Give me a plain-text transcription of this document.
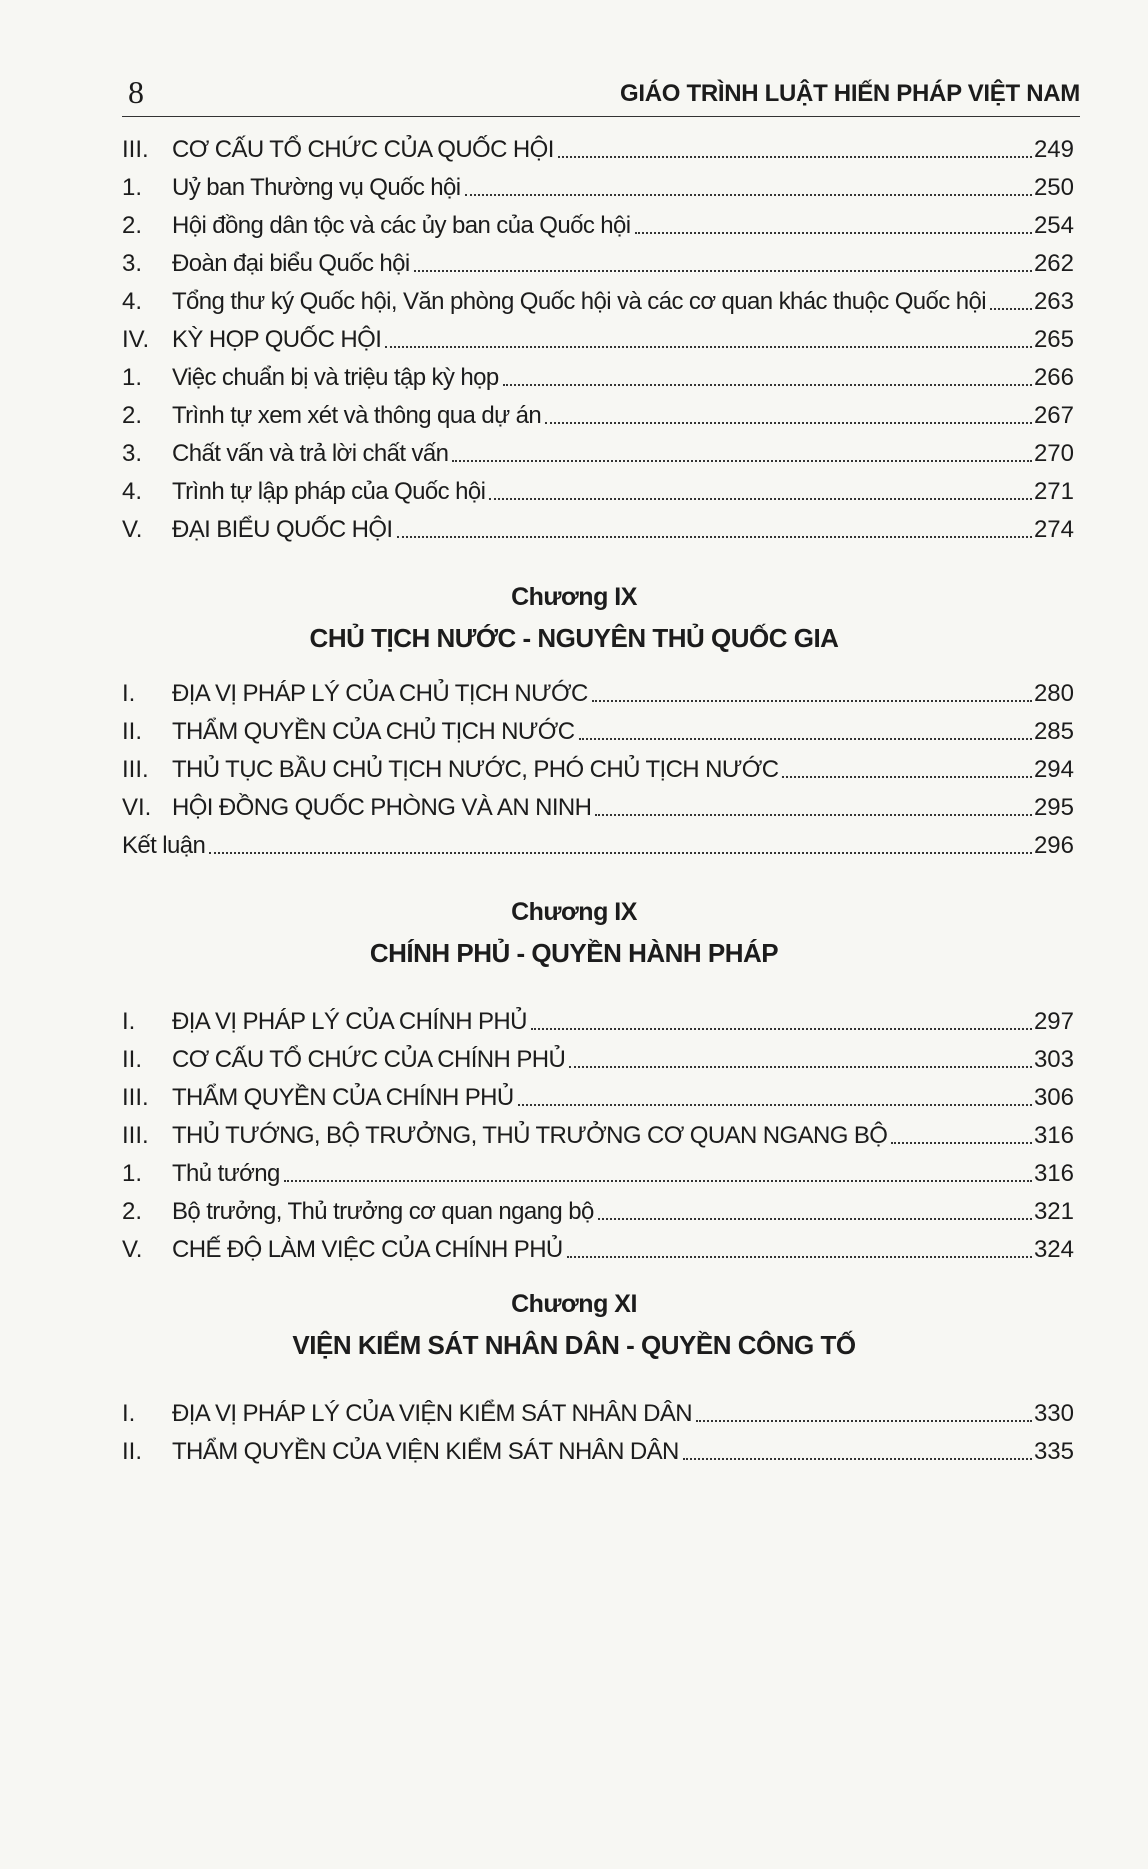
8	GIÁO TRÌNH LUẬT HIẾN PHÁP VIỆT NAM
III. CƠ CẤU TỔ CHỨC CỦA QUỐC HỘI	249
1.	Uỷ ban Thường vụ Quốc hội	250
2.	Hội đồng dân tộc và các ủy ban của Quốc hội	254
3.	Đoàn đại biểu Quốc hội	262
4.	Tổng thư ký Quốc hội, Văn phòng Quốc hội và các cơ quan khác thuộc Quốc hội 263
IV. KỲ HỌP QUỐC HỘI	265
1.	Việc chuẩn bị và triệu tập kỳ họp	266
2.	Trình tự xem xét và thông qua dự án	267
3.	Chất vấn và trả lời chất vấn	270
4.	Trình tự lập pháp của Quốc hội	271
V.	ĐẠI BIỂU QUỐC HỘI	274
Chương IX
CHỦ TỊCH NƯỚC - NGUYÊN THỦ QUỐC GIA
I.	ĐỊA VỊ PHÁP LÝ CỦA CHỦ TỊCH NƯỚC	280
II.	THẨM QUYỀN CỦA CHỦ TỊCH NƯỚC	285
III. THỦ TỤC BẦU CHỦ TỊCH NƯỚC, PHÓ CHỦ TỊCH NƯỚC	294
VI. HỘI ĐỒNG QUỐC PHÒNG VÀ AN NINH	295
Kết luận	296
Chương IX
CHÍNH PHỦ - QUYỀN HÀNH PHÁP
I.	ĐỊA VỊ PHÁP LÝ CỦA CHÍNH PHỦ	297
II.	CƠ CẤU TỔ CHỨC CỦA CHÍNH PHỦ	303
III. THẨM QUYỀN CỦA CHÍNH PHỦ	306
III. THỦ TƯỚNG, BỘ TRƯỞNG, THỦ TRƯỞNG CƠ QUAN NGANG BỘ	316
1.	Thủ tướng	316
2.	Bộ trưởng, Thủ trưởng cơ quan ngang bộ	321
V.	CHẾ ĐỘ LÀM VIỆC CỦA CHÍNH PHỦ	324
Chương XI
VIỆN KIỂM SÁT NHÂN DÂN - QUYỀN CÔNG TỐ
I.	ĐỊA VỊ PHÁP LÝ CỦA VIỆN KIỂM SÁT NHÂN DÂN	330
II.	THẨM QUYỀN CỦA VIỆN KIỂM SÁT NHÂN DÂN	335
